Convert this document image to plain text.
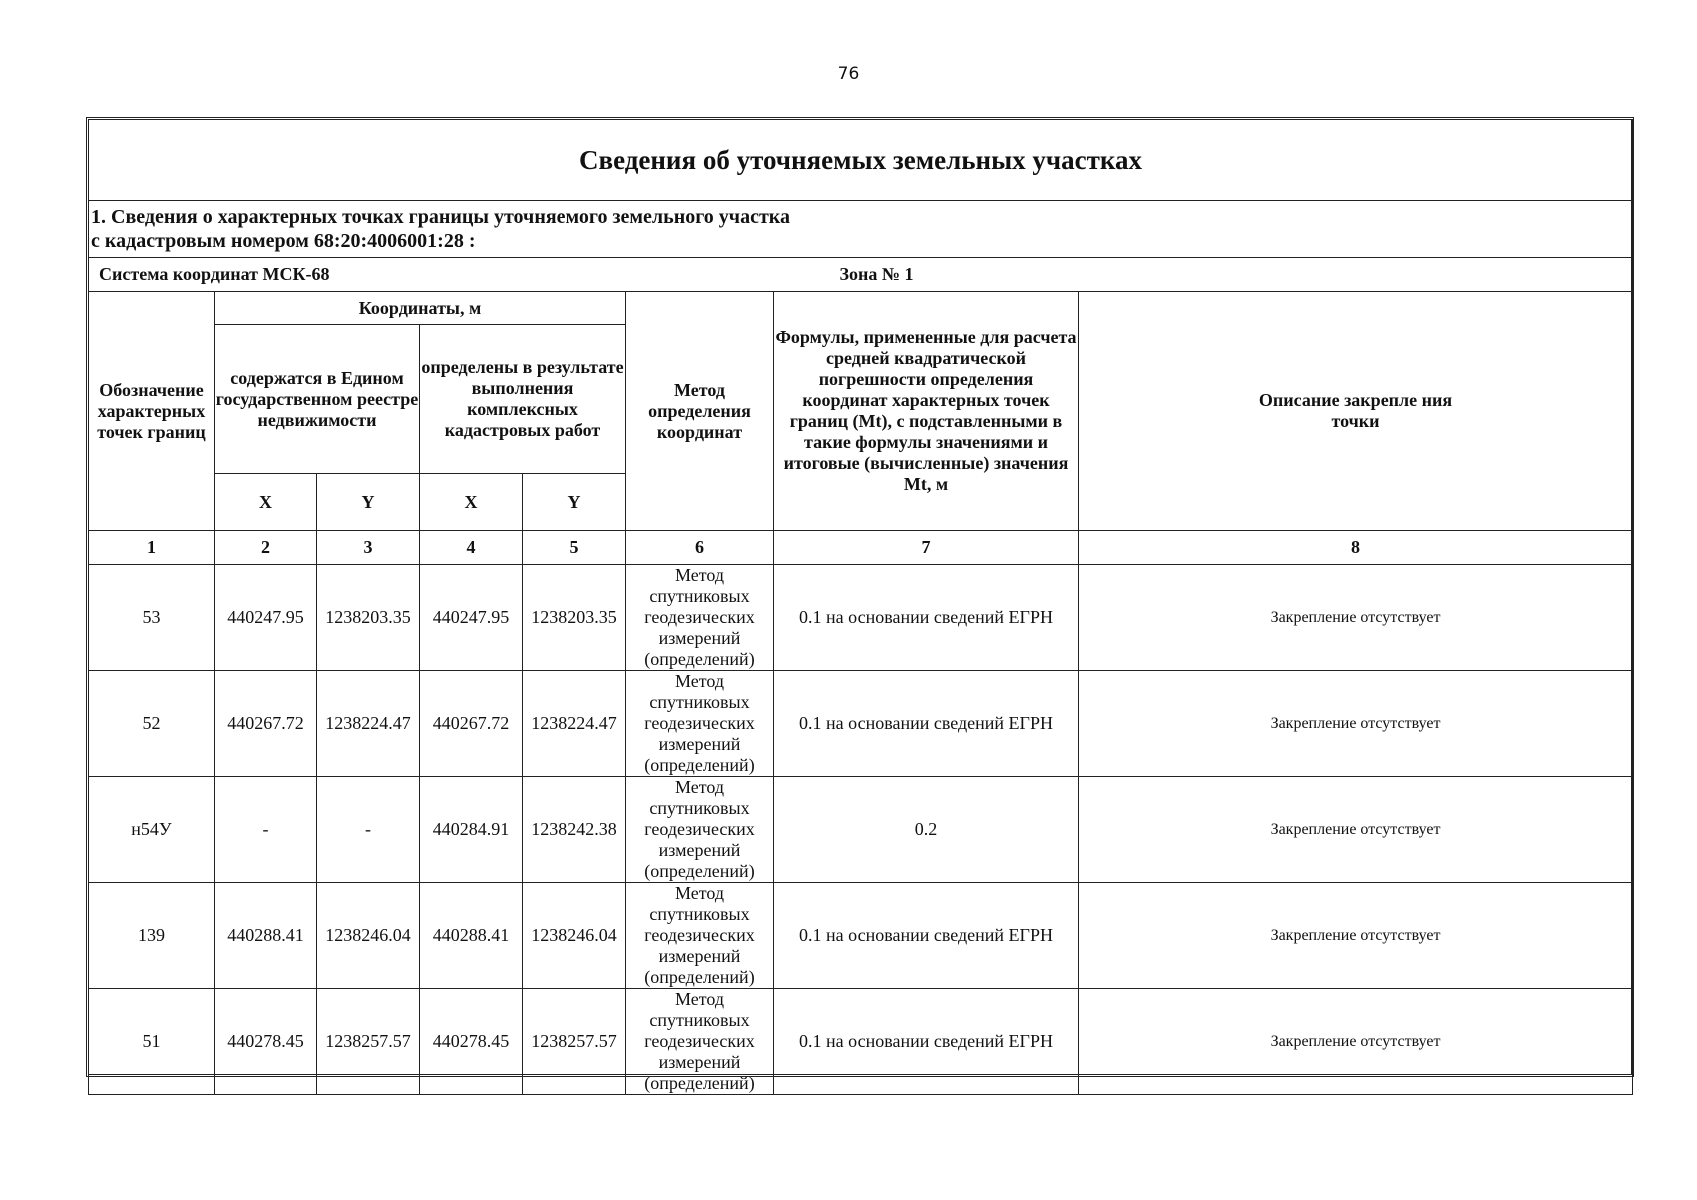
76
Сведения об уточняемых земельных участках							

1. Сведения о характерных точках границы уточняемого земельного участка
с кадастровым номером 68:20:4006001:28 :							

Система координат МСК-68						Зона № 1	
Обозначение характерных точек границ	Координаты, м				Метод определения координат	Формулы, примененные для расчета средней квадратической погрешности определения координат характерных точек границ (Mt), с подставленными в такие формулы значениями и итоговые (вычисленные) значения Mt, м	Описание закрепле ния точки

	содержатся в Едином государственном реестре недвижимости		определены в результате выполнения комплексных кадастровых работ				
	X	Y	X	Y			
1	2	3	4	5	6	7	8
53	440247.95	1238203.35	440247.95	1238203.35	Метод спутниковых геодезических измерений (определений)	0.1 на основании сведений ЕГРН	Закрепление отсутствует
52	440267.72	1238224.47	440267.72	1238224.47	Метод спутниковых геодезических измерений (определений)	0.1 на основании сведений ЕГРН	Закрепление отсутствует
н54У	-	-	440284.91	1238242.38	Метод спутниковых геодезических измерений (определений)	0.2	Закрепление отсутствует
139	440288.41	1238246.04	440288.41	1238246.04	Метод спутниковых геодезических измерений (определений)	0.1 на основании сведений ЕГРН	Закрепление отсутствует
51	440278.45	1238257.57	440278.45	1238257.57	Метод спутниковых геодезических измерений (определений)	0.1 на основании сведений ЕГРН	Закрепление отсутствует
